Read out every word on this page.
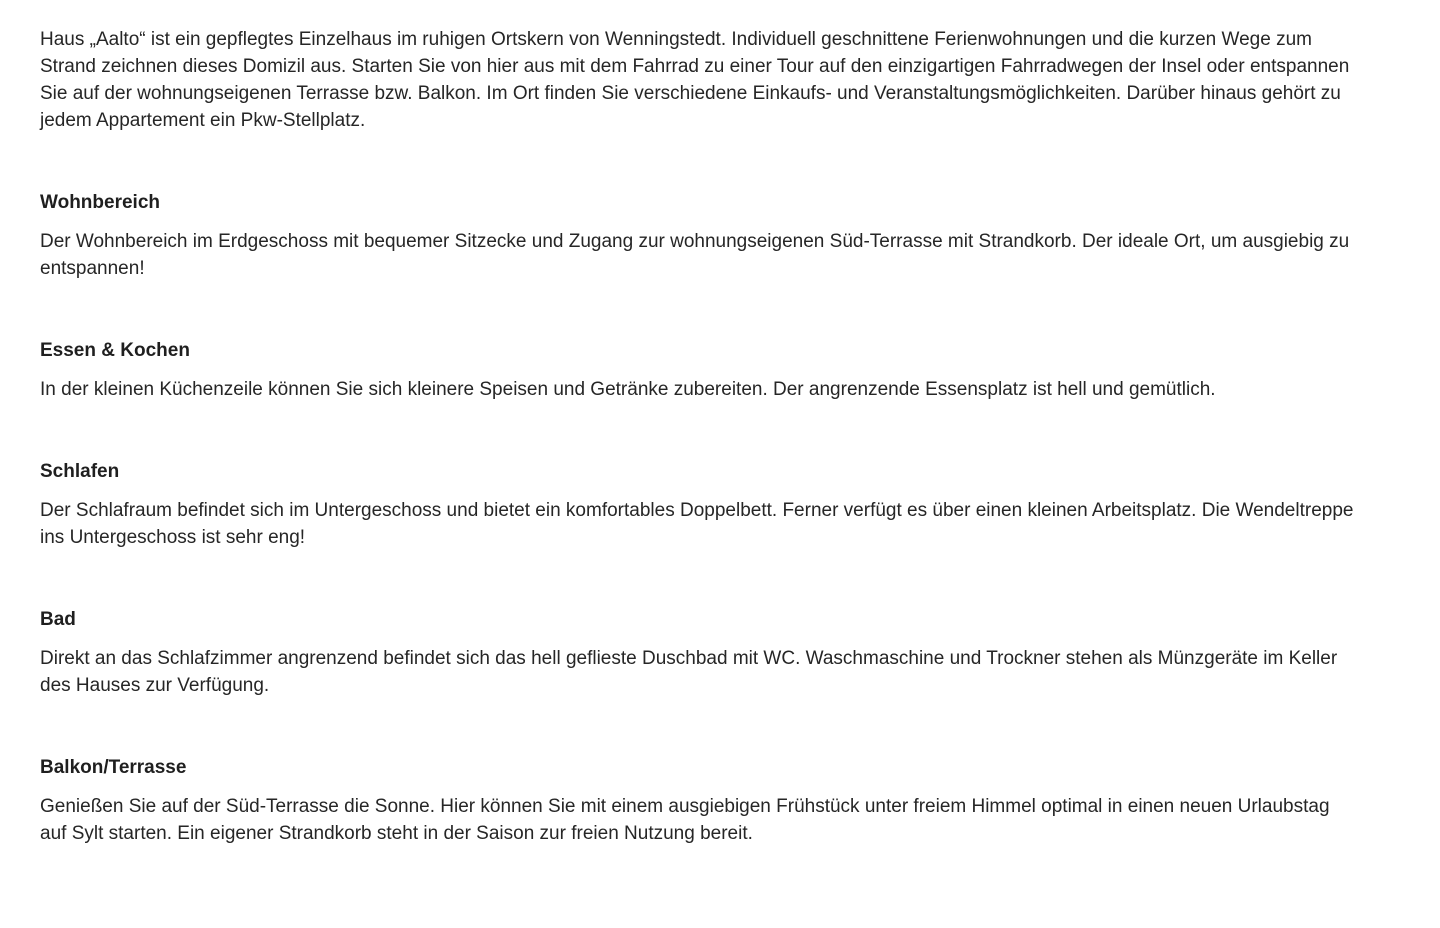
Haus „Aalto“ ist ein gepflegtes Einzelhaus im ruhigen Ortskern von Wenningstedt. Individuell geschnittene Ferienwohnungen und die kurzen Wege zum Strand zeichnen dieses Domizil aus. Starten Sie von hier aus mit dem Fahrrad zu einer Tour auf den einzigartigen Fahrradwegen der Insel oder entspannen Sie auf der wohnungseigenen Terrasse bzw. Balkon. Im Ort finden Sie verschiedene Einkaufs- und Veranstaltungsmöglichkeiten. Darüber hinaus gehört zu jedem Appartement ein Pkw-Stellplatz.

Wohnbereich

Der Wohnbereich im Erdgeschoss mit bequemer Sitzecke und Zugang zur wohnungseigenen Süd-Terrasse mit Strandkorb. Der ideale Ort, um ausgiebig zu entspannen!

Essen & Kochen

In der kleinen Küchenzeile können Sie sich kleinere Speisen und Getränke zubereiten. Der angrenzende Essensplatz ist hell und gemütlich.

Schlafen

Der Schlafraum befindet sich im Untergeschoss und bietet ein komfortables Doppelbett. Ferner verfügt es über einen kleinen Arbeitsplatz. Die Wendeltreppe ins Untergeschoss ist sehr eng!

Bad

Direkt an das Schlafzimmer angrenzend befindet sich das hell geflieste Duschbad mit WC. Waschmaschine und Trockner stehen als Münzgeräte im Keller des Hauses zur Verfügung.

Balkon/Terrasse

Genießen Sie auf der Süd-Terrasse die Sonne. Hier können Sie mit einem ausgiebigen Frühstück unter freiem Himmel optimal in einen neuen Urlaubstag auf Sylt starten. Ein eigener Strandkorb steht in der Saison zur freien Nutzung bereit.
